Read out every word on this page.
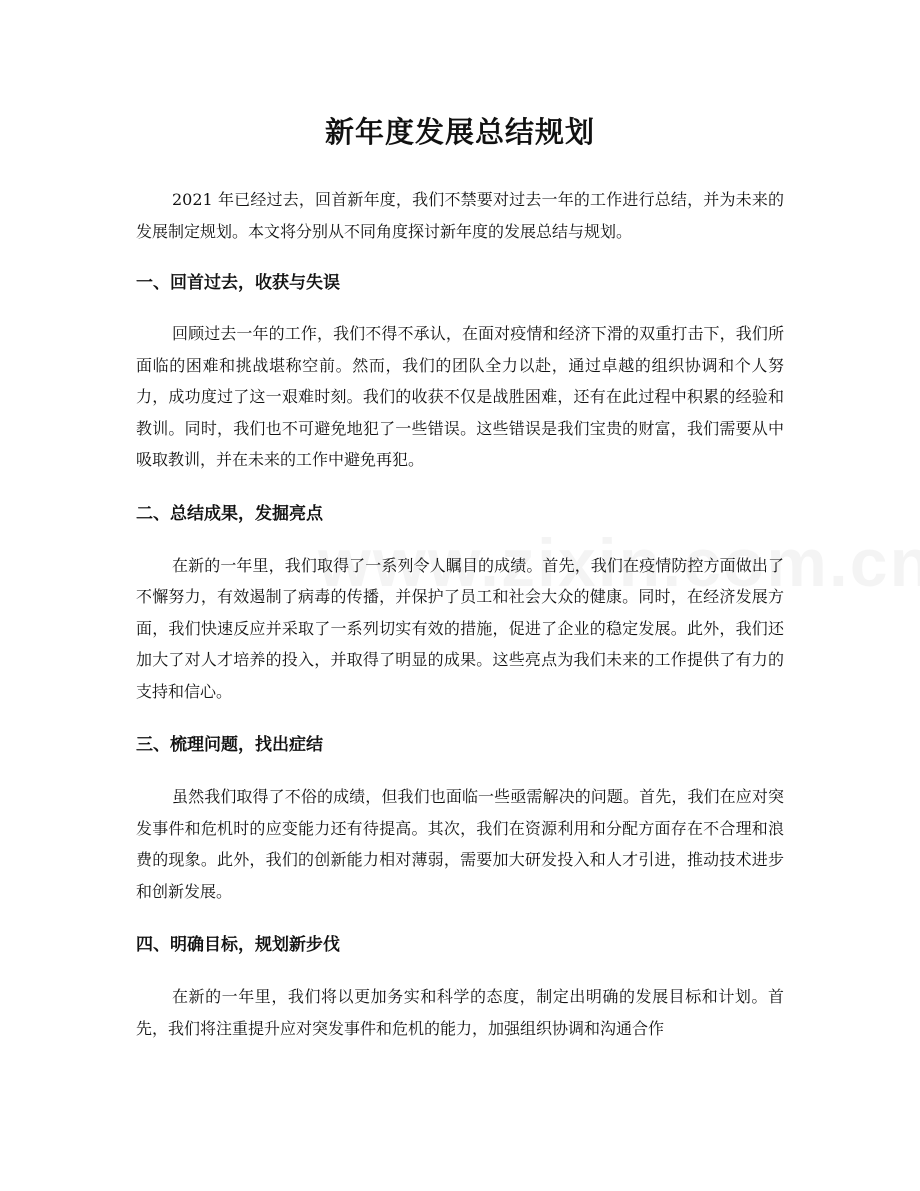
新年度发展总结规划

2021 年已经过去，回首新年度，我们不禁要对过去一年的工作进行总结，并为未来的发展制定规划。本文将分别从不同角度探讨新年度的发展总结与规划。

一、回首过去，收获与失误

回顾过去一年的工作，我们不得不承认，在面对疫情和经济下滑的双重打击下，我们所面临的困难和挑战堪称空前。然而，我们的团队全力以赴，通过卓越的组织协调和个人努力，成功度过了这一艰难时刻。我们的收获不仅是战胜困难，还有在此过程中积累的经验和教训。同时，我们也不可避免地犯了一些错误。这些错误是我们宝贵的财富，我们需要从中吸取教训，并在未来的工作中避免再犯。

二、总结成果，发掘亮点

在新的一年里，我们取得了一系列令人瞩目的成绩。首先，我们在疫情防控方面做出了不懈努力，有效遏制了病毒的传播，并保护了员工和社会大众的健康。同时，在经济发展方面，我们快速反应并采取了一系列切实有效的措施，促进了企业的稳定发展。此外，我们还加大了对人才培养的投入，并取得了明显的成果。这些亮点为我们未来的工作提供了有力的支持和信心。

三、梳理问题，找出症结

虽然我们取得了不俗的成绩，但我们也面临一些亟需解决的问题。首先，我们在应对突发事件和危机时的应变能力还有待提高。其次，我们在资源利用和分配方面存在不合理和浪费的现象。此外，我们的创新能力相对薄弱，需要加大研发投入和人才引进，推动技术进步和创新发展。

四、明确目标，规划新步伐

在新的一年里，我们将以更加务实和科学的态度，制定出明确的发展目标和计划。首先，我们将注重提升应对突发事件和危机的能力，加强组织协调和沟通合作
